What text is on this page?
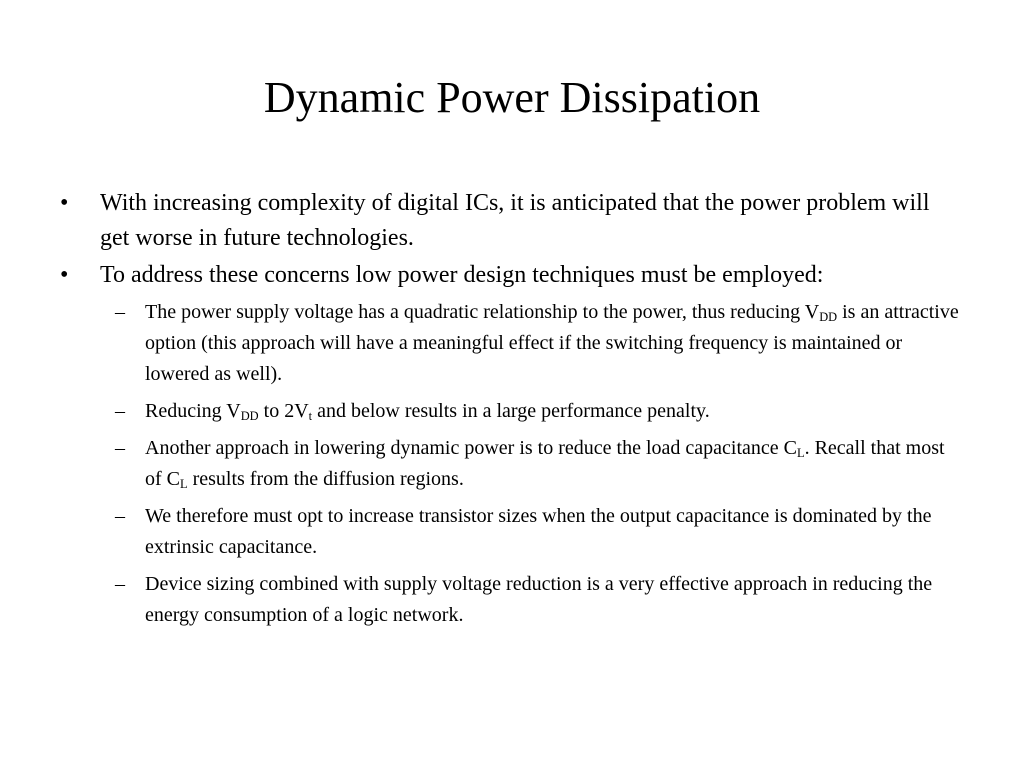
Dynamic Power Dissipation
• With increasing complexity of digital ICs, it is anticipated that the power problem will get worse in future technologies.
• To address these concerns low power design techniques must be employed:
– The power supply voltage has a quadratic relationship to the power, thus reducing $V_{DD}$ is an attractive option (this approach will have a meaningful effect if the switching frequency is maintained or lowered as well).
– Reducing $V_{DD}$ to $2V_t$ and below results in a large performance penalty.
– Another approach in lowering dynamic power is to reduce the load capacitance $C_L$. Recall that most of $C_L$ results from the diffusion regions.
– We therefore must opt to increase transistor sizes when the output capacitance is dominated by the extrinsic capacitance.
– Device sizing combined with supply voltage reduction is a very effective approach in reducing the energy consumption of a logic network.
